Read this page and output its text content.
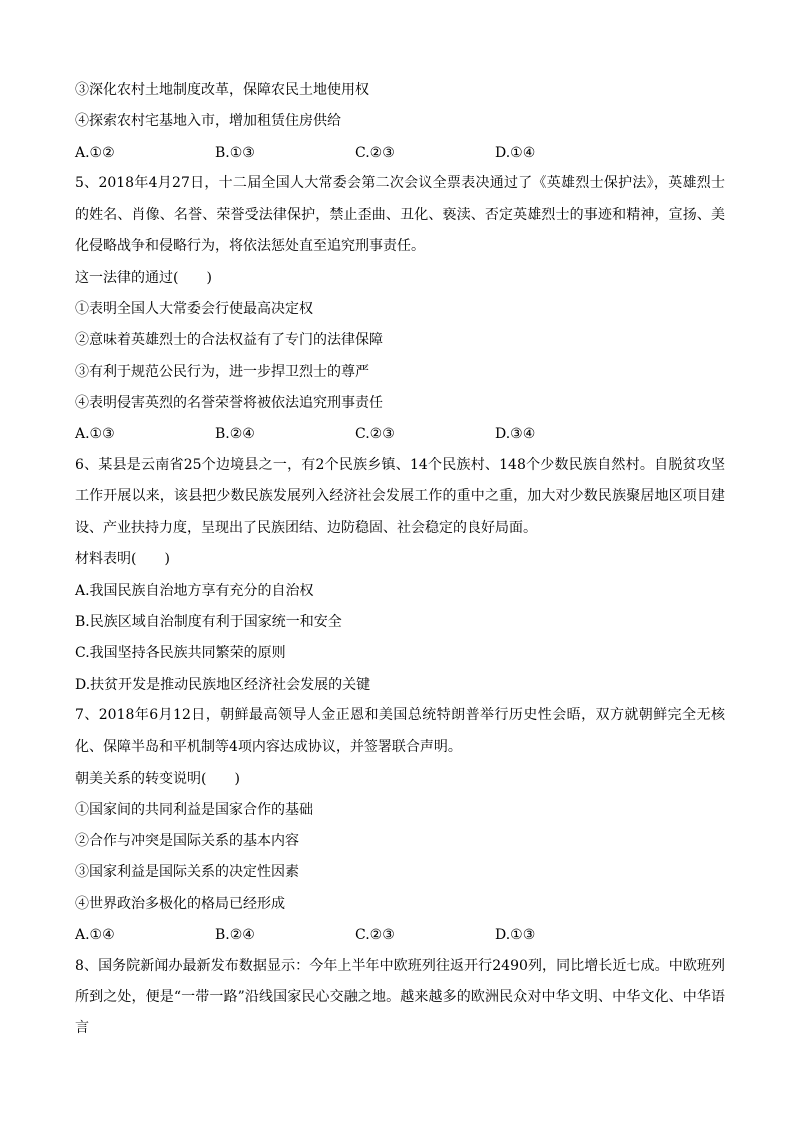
③深化农村土地制度改革，保障农民土地使用权
④探索农村宅基地入市，增加租赁住房供给
A.①②	B.①③	C.②③	D.①④
5、2018年4月27日，十二届全国人大常委会第二次会议全票表决通过了《英雄烈士保护法》，英雄烈士的姓名、肖像、名誉、荣誉受法律保护，禁止歪曲、丑化、亵渎、否定英雄烈士的事迹和精神，宣扬、美化侵略战争和侵略行为，将依法惩处直至追究刑事责任。
这一法律的通过(　　)
①表明全国人大常委会行使最高决定权
②意味着英雄烈士的合法权益有了专门的法律保障
③有利于规范公民行为，进一步捍卫烈士的尊严
④表明侵害英烈的名誉荣誉将被依法追究刑事责任
A.①③	B.②④	C.②③	D.③④
6、某县是云南省25个边境县之一，有2个民族乡镇、14个民族村、148个少数民族自然村。自脱贫攻坚工作开展以来，该县把少数民族发展列入经济社会发展工作的重中之重，加大对少数民族聚居地区项目建设、产业扶持力度，呈现出了民族团结、边防稳固、社会稳定的良好局面。
材料表明(　　)
A.我国民族自治地方享有充分的自治权
B.民族区域自治制度有利于国家统一和安全
C.我国坚持各民族共同繁荣的原则
D.扶贫开发是推动民族地区经济社会发展的关键
7、2018年6月12日，朝鲜最高领导人金正恩和美国总统特朗普举行历史性会晤，双方就朝鲜完全无核化、保障半岛和平机制等4项内容达成协议，并签署联合声明。
朝美关系的转变说明(　　)
①国家间的共同利益是国家合作的基础
②合作与冲突是国际关系的基本内容
③国家利益是国际关系的决定性因素
④世界政治多极化的格局已经形成
A.①④	B.②④	C.②③	D.①③
8、国务院新闻办最新发布数据显示：今年上半年中欧班列往返开行2490列，同比增长近七成。中欧班列所到之处，便是“一带一路”沿线国家民心交融之地。越来越多的欧洲民众对中华文明、中华文化、中华语言
